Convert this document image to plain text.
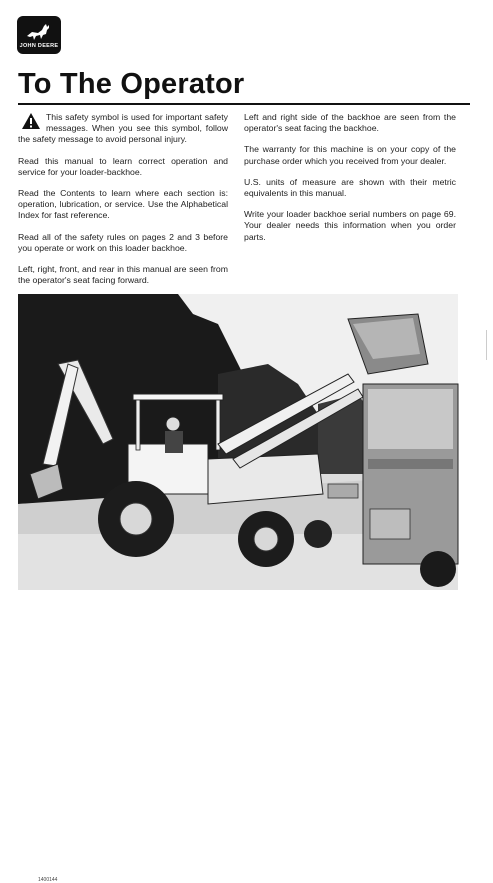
JOHN DEERE
To The Operator

This safety symbol is used for important safety messages. When you see this symbol, follow the safety message to avoid personal injury.

Read this manual to learn correct operation and service for your loader-backhoe.

Read the Contents to learn where each section is: operation, lubrication, or service. Use the Alphabetical Index for fast reference.

Read all of the safety rules on pages 2 and 3 before you operate or work on this loader backhoe.

Left, right, front, and rear in this manual are seen from the operator's seat facing forward.

Left and right side of the backhoe are seen from the operator's seat facing the backhoe.

The warranty for this machine is on your copy of the purchase order which you received from your dealer.

U.S. units of measure are shown with their metric equivalents in this manual.

Write your loader backhoe serial numbers on page 69. Your dealer needs this information when you order parts.

1400144
